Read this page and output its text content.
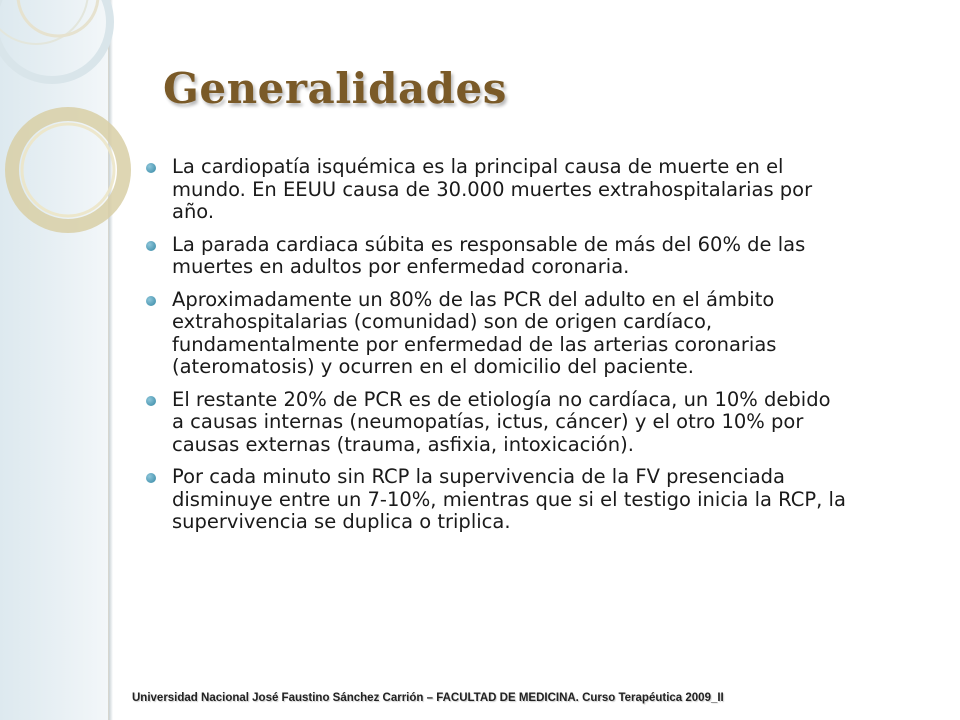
Generalidades
La cardiopatía isquémica es la principal causa de muerte en el mundo. En EEUU causa de 30.000 muertes extrahospitalarias por año.
La parada cardiaca súbita es responsable de más del 60% de las muertes en adultos por enfermedad coronaria.
Aproximadamente un 80% de las PCR del adulto en el ámbito extrahospitalarias (comunidad) son de origen cardíaco, fundamentalmente por enfermedad de las arterias coronarias (ateromatosis) y ocurren en el domicilio del paciente.
El restante 20% de PCR es de etiología no cardíaca, un 10% debido a causas internas (neumopatías, ictus, cáncer) y el otro 10% por causas externas (trauma, asfixia, intoxicación).
Por cada minuto sin RCP la supervivencia de la FV presenciada disminuye entre un 7-10%, mientras que si el testigo inicia la RCP, la supervivencia se duplica o triplica.
Universidad Nacional José Faustino Sánchez Carrión – FACULTAD DE MEDICINA. Curso Terapéutica 2009_II
